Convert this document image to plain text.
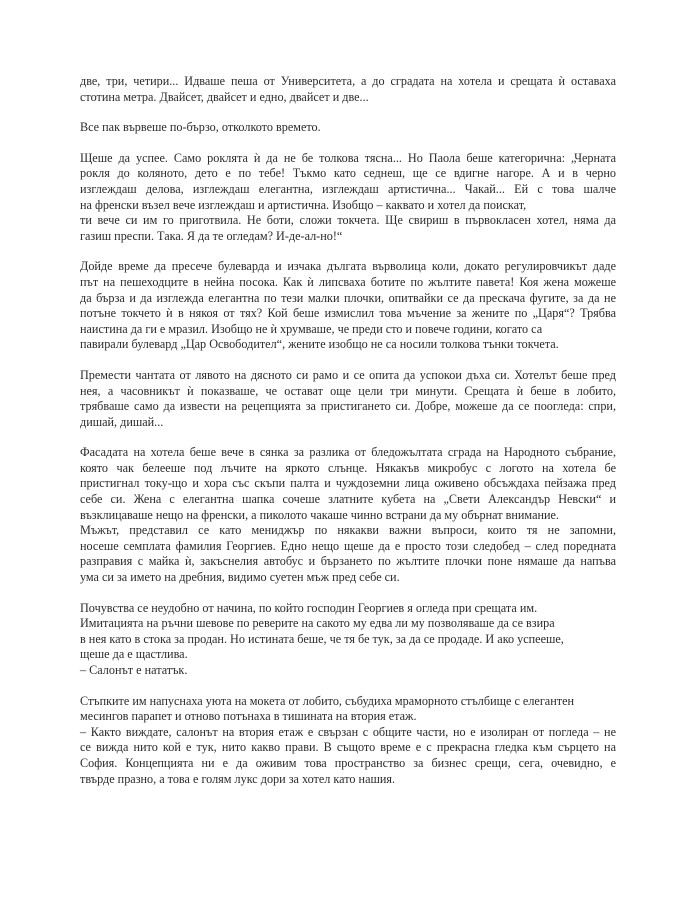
две, три, четири... Идваше пеша от Университета, а до сградата на хотела и срещата ѝ оставаха
стотина метра. Двайсет, двайсет и едно, двайсет и две...
Все пак вървеше по-бързо, отколкото времето.
Щеше да успее. Само роклята ѝ да не бе толкова тясна... Но Паола беше категорична: „Черната
рокля до коляното, дето е по тебе! Тъкмо като седнеш, ще се вдигне нагоре. А и в черно
изглеждаш делова, изглеждаш елегантна, изглеждаш артистична... Чакай... Ей с това шалче
на френски възел вече изглеждаш и артистична. Изобщо – каквато и хотел да поискат,
ти вече си им го приготвила. Не боти, сложи токчета. Ще свириш в първокласен хотел, няма да
газиш преспи. Така. Я да те огледам? И-де-ал-но!“
Дойде време да пресече булеварда и изчака дългата върволица коли, докато регулировчикът даде
път на пешеходците в нейна посока. Как ѝ липсваха ботите по жълтите павета! Коя жена можеше
да бърза и да изглежда елегантна по тези малки плочки, опитвайки се да прескача фугите, за да не
потъне токчето ѝ в някоя от тях? Кой беше измислил това мъчение за жените по „Царя“? Трябва
наистина да ги е мразил. Изобщо не ѝ хрумваше, че преди сто и повече години, когато са
павирали булевард „Цар Освободител“, жените изобщо не са носили толкова тънки токчета.
Премести чантата от лявото на дясното си рамо и се опита да успокои дъха си. Хотелът беше пред
нея, а часовникът ѝ показваше, че остават още цели три минути. Срещата ѝ беше в лобито,
трябваше само да извести на рецепцията за пристигането си. Добре, можеше да се поогледа: спри,
дишай, дишай...
Фасадата на хотела беше вече в сянка за разлика от бледожълтата сграда на Народното събрание,
която чак белееше под лъчите на яркото слънце. Някакъв микробус с логото на хотела бе
пристигнал току-що и хора със скъпи палта и чуждоземни лица оживено обсъждаха пейзажа пред
себе си. Жена с елегантна шапка сочеше златните кубета на „Свети Александър Невски“ и
възклицаваше нещо на френски, а пиколото чакаше чинно встрани да му обърнат внимание.
Мъжът, представил се като мениджър по някакви важни въпроси, които тя не запомни,
носеше семплата фамилия Георгиев. Едно нещо щеше да е просто този следобед – след поредната
разправия с майка ѝ, закъснелия автобус и бързането по жълтите плочки поне нямаше да напъва
ума си за името на дребния, видимо суетен мъж пред себе си.
Почувства се неудобно от начина, по който господин Георгиев я огледа при срещата им.
Имитацията на ръчни шевове по реверите на сакото му едва ли му позволяваше да се взира
в нея като в стока за продан. Но истината беше, че тя бе тук, за да се продаде. И ако успееше,
щеше да е щастлива.
– Салонът е нататък.
Стъпките им напуснаха уюта на мокета от лобито, събудиха мраморното стълбище с елегантен
месингов парапет и отново потънаха в тишината на втория етаж.
– Както виждате, салонът на втория етаж е свързан с общите части, но е изолиран от погледа – не
се вижда нито кой е тук, нито какво прави. В същото време е с прекрасна гледка към сърцето на
София. Концепцията ни е да оживим това пространство за бизнес срещи, сега, очевидно, е
твърде празно, а това е голям лукс дори за хотел като нашия.
